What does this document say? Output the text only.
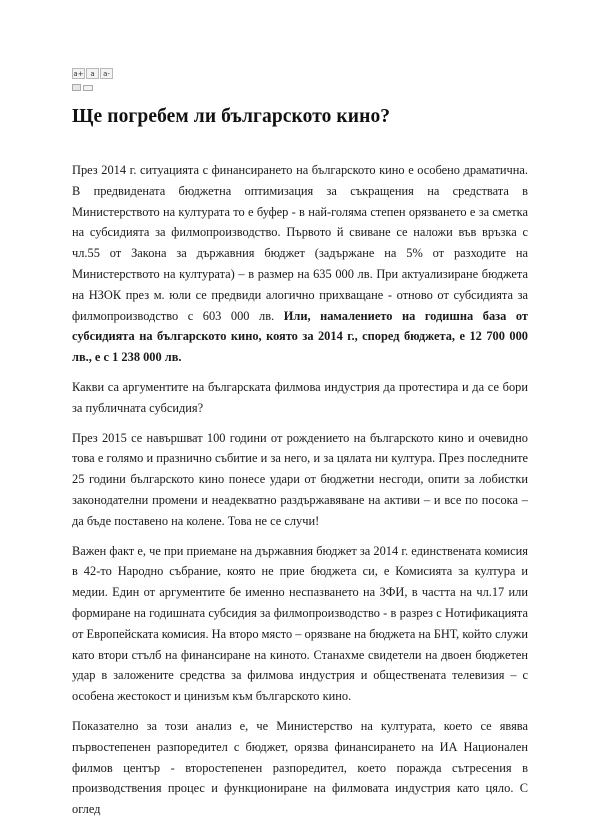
a+ a	a-
Ще погребем ли българското кино?

През 2014 г. ситуацията с финансирането на българското кино е особено драматична. В предвидената бюджетна оптимизация за съкращения на средствата в Министерството на културата то е буфер - в най-голяма степен орязването е за сметка на субсидията за филмопроизводство. Първото й свиване се наложи във връзка с чл.55 от Закона за държавния бюджет (задържане на 5% от разходите на Министерството на културата) – в размер на 635 000 лв. При актуализиране бюджета на НЗОК през м. юли се предвиди алогично прихващане - отново от субсидията за филмопроизводство с 603 000 лв. Или, намалението на годишна база от субсидията на българското кино, която за 2014 г., според бюджета, е 12 700 000 лв., е с 1 238 000 лв.

Какви са аргументите на българската филмова индустрия да протестира и да се бори за публичната субсидия?

През 2015 се навършват 100 години от рождението на българското кино и очевидно това е голямо и празнично събитие и за него, и за цялата ни култура. През последните 25 години българското кино понесе удари от бюджетни несгоди, опити за лобистки законодателни промени и неадекватно раздържавяване на активи – и все по посока – да бъде поставено на колене. Това не се случи!

Важен факт е, че при приемане на държавния бюджет за 2014 г. единствената комисия в 42-то Народно събрание, която не прие бюджета си, е Комисията за култура и медии. Един от аргументите бе именно неспазването на ЗФИ, в частта на чл.17 или формиране на годишната субсидия за филмопроизводство - в разрез с Нотификацията от Европейската комисия. На второ място – орязване на бюджета на БНТ, който служи като втори стълб на финансиране на киното. Станахме свидетели на двоен бюджетен удар в заложените средства за филмова индустрия и обществената телевизия – с особена жестокост и цинизъм към българското кино.

Показателно за този анализ е, че Министерство на културата, което се явява първостепенен разпоредител с бюджет, орязва финансирането на ИА Национален филмов център - второстепенен разпоредител, което поражда сътресения в производствения процес и функциониране на филмовата индустрия като цяло. С оглед
